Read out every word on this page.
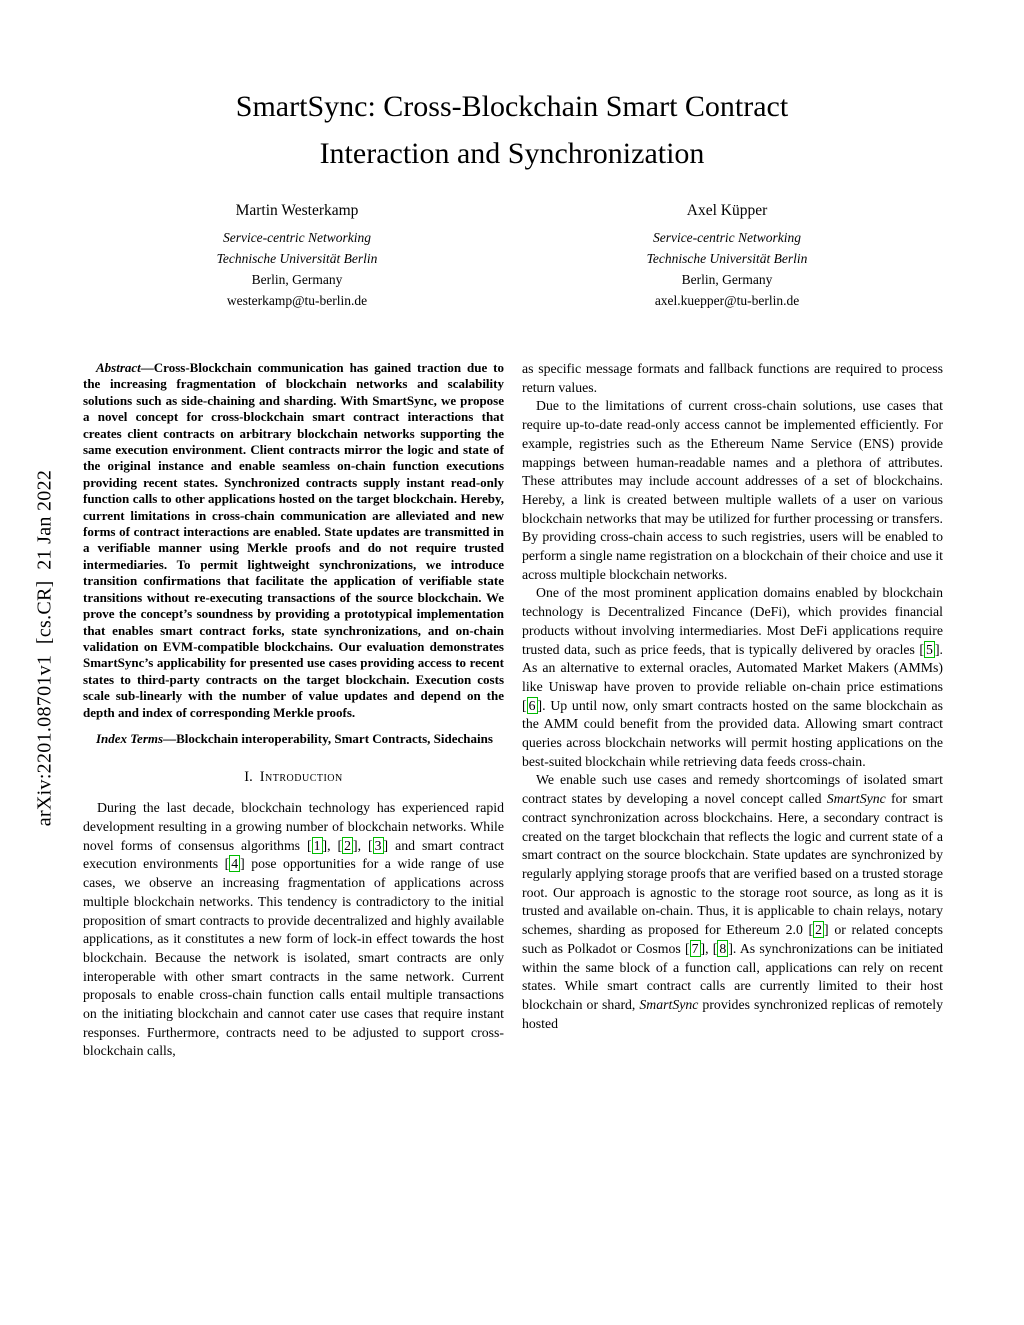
arXiv:2201.08701v1  [cs.CR]  21 Jan 2022
SmartSync: Cross-Blockchain Smart Contract
Interaction and Synchronization
Martin Westerkamp
Service-centric Networking
Technische Universität Berlin
Berlin, Germany
westerkamp@tu-berlin.de
Axel Küpper
Service-centric Networking
Technische Universität Berlin
Berlin, Germany
axel.kuepper@tu-berlin.de

Abstract—Cross-Blockchain communication has gained traction due to the increasing fragmentation of blockchain networks and scalability solutions such as side-chaining and sharding. With SmartSync, we propose a novel concept for cross-blockchain smart contract interactions that creates client contracts on arbitrary blockchain networks supporting the same execution environment. Client contracts mirror the logic and state of the original instance and enable seamless on-chain function executions providing recent states. Synchronized contracts supply instant read-only function calls to other applications hosted on the target blockchain. Hereby, current limitations in cross-chain communication are alleviated and new forms of contract interactions are enabled. State updates are transmitted in a verifiable manner using Merkle proofs and do not require trusted intermediaries. To permit lightweight synchronizations, we introduce transition confirmations that facilitate the application of verifiable state transitions without re-executing transactions of the source blockchain. We prove the concept’s soundness by providing a prototypical implementation that enables smart contract forks, state synchronizations, and on-chain validation on EVM-compatible blockchains. Our evaluation demonstrates SmartSync’s applicability for presented use cases providing access to recent states to third-party contracts on the target blockchain. Execution costs scale sub-linearly with the number of value updates and depend on the depth and index of corresponding Merkle proofs.

Index Terms—Blockchain interoperability, Smart Contracts, Sidechains

I. Introduction

During the last decade, blockchain technology has experienced rapid development resulting in a growing number of blockchain networks. While novel forms of consensus algorithms [ 1 ], [ 2 ], [ 3 ] and smart contract execution environments [ 4 ] pose opportunities for a wide range of use cases, we observe an increasing fragmentation of applications across multiple blockchain networks. This tendency is contradictory to the initial proposition of smart contracts to provide decentralized and highly available applications, as it constitutes a new form of lock-in effect towards the host blockchain. Because the network is isolated, smart contracts are only interoperable with other smart contracts in the same network. Current proposals to enable cross-chain function calls entail multiple transactions on the initiating blockchain and cannot cater use cases that require instant responses. Furthermore, contracts need to be adjusted to support cross-blockchain calls,

as specific message formats and fallback functions are required to process return values.

Due to the limitations of current cross-chain solutions, use cases that require up-to-date read-only access cannot be implemented efficiently. For example, registries such as the Ethereum Name Service (ENS) provide mappings between human-readable names and a plethora of attributes. These attributes may include account addresses of a set of blockchains. Hereby, a link is created between multiple wallets of a user on various blockchain networks that may be utilized for further processing or transfers. By providing cross-chain access to such registries, users will be enabled to perform a single name registration on a blockchain of their choice and use it across multiple blockchain networks.

One of the most prominent application domains enabled by blockchain technology is Decentralized Fincance (DeFi), which provides financial products without involving intermediaries. Most DeFi applications require trusted data, such as price feeds, that is typically delivered by oracles [ 5 ]. As an alternative to external oracles, Automated Market Makers (AMMs) like Uniswap have proven to provide reliable on-chain price estimations [ 6 ]. Up until now, only smart contracts hosted on the same blockchain as the AMM could benefit from the provided data. Allowing smart contract queries across blockchain networks will permit hosting applications on the best-suited blockchain while retrieving data feeds cross-chain.

We enable such use cases and remedy shortcomings of isolated smart contract states by developing a novel concept called SmartSync for smart contract synchronization across blockchains. Here, a secondary contract is created on the target blockchain that reflects the logic and current state of a smart contract on the source blockchain. State updates are synchronized by regularly applying storage proofs that are verified based on a trusted storage root. Our approach is agnostic to the storage root source, as long as it is trusted and available on-chain. Thus, it is applicable to chain relays, notary schemes, sharding as proposed for Ethereum 2.0 [ 2 ] or related concepts such as Polkadot or Cosmos [ 7 ], [ 8 ]. As synchronizations can be initiated within the same block of a function call, applications can rely on recent states. While smart contract calls are currently limited to their host blockchain or shard, SmartSync provides synchronized replicas of remotely hosted
